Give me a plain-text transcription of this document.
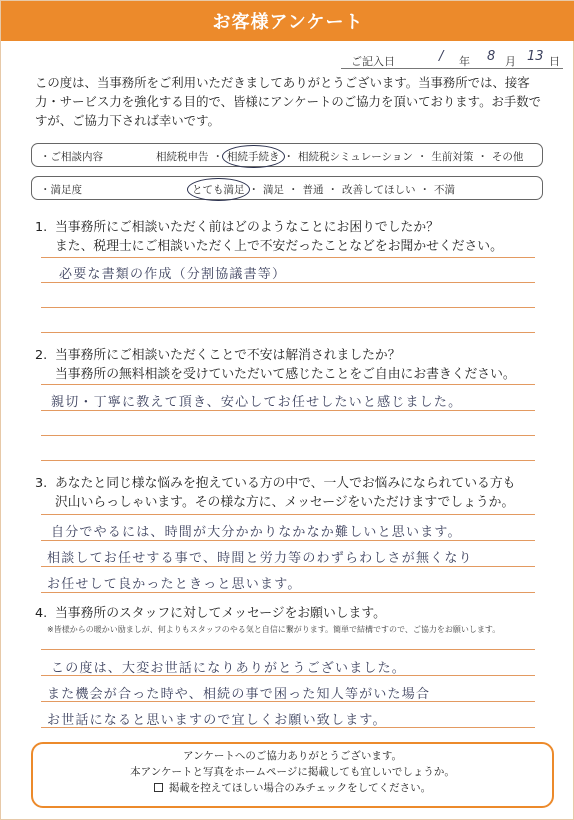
お客様アンケート
ご記入日	/ 年 8 月 13 日
この度は、当事務所をご利用いただきましてありがとうございます。当事務所では、接客力・サービス力を強化する目的で、皆様にアンケートのご協力を頂いております。お手数ですが、ご協力下されば幸いです。
・ご相談内容	相続税申告 ・ 相続手続き ・ 相続税シミュレーション ・ 生前対策 ・ その他
・満足度	とても満足 ・ 満足 ・ 普通 ・ 改善してほしい ・ 不満
1. 当事務所にご相談いただく前はどのようなことにお困りでしたか？
また、税理士にご相談いただく上で不安だったことなどをお聞かせください。
必要な書類の作成（分割協議書等）
2. 当事務所にご相談いただくことで不安は解消されましたか？
当事務所の無料相談を受けていただいて感じたことをご自由にお書きください。
親切・丁寧に教えて頂き、安心してお任せしたいと感じました。
3. あなたと同じ様な悩みを抱えている方の中で、一人でお悩みになられている方も
沢山いらっしゃいます。その様な方に、メッセージをいただけますでしょうか。
自分でやるには、時間が大分かかりなかなか難しいと思います。
相談してお任せする事で、時間と労力等のわずらわしさが無くなり
お任せして良かったときっと思います。
4. 当事務所のスタッフに対してメッセージをお願いします。
※皆様からの暖かい励ましが、何よりもスタッフのやる気と自信に繋がります。簡単で結構ですので、ご協力をお願いします。
この度は、大変お世話になりありがとうございました。
また機会が合った時や、相続の事で困った知人等がいた場合
お世話になると思いますので宜しくお願い致します。
アンケートへのご協力ありがとうございます。
本アンケートと写真をホームページに掲載しても宜しいでしょうか。
掲載を控えてほしい場合のみチェックをしてください。
